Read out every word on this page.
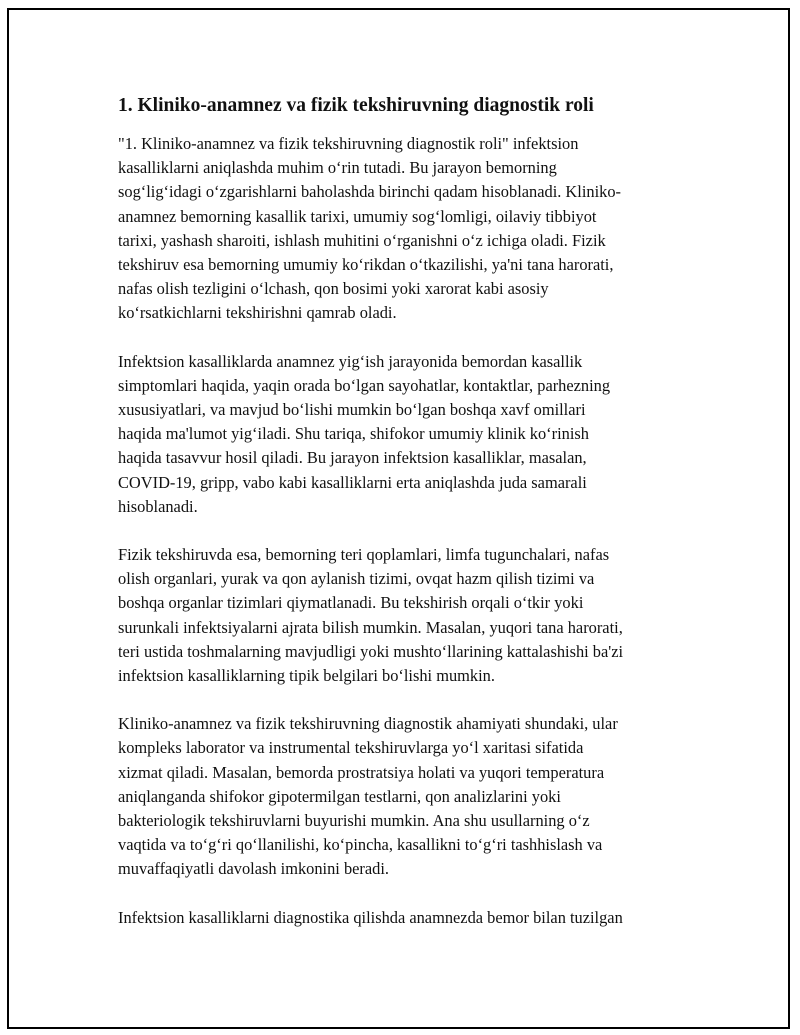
1. Kliniko-anamnez va fizik tekshiruvning diagnostik roli

"1. Kliniko-anamnez va fizik tekshiruvning diagnostik roli" infektsion
kasalliklarni aniqlashda muhim o‘rin tutadi. Bu jarayon bemorning
sog‘lig‘idagi o‘zgarishlarni baholashda birinchi qadam hisoblanadi. Kliniko-
anamnez bemorning kasallik tarixi, umumiy sog‘lomligi, oilaviy tibbiyot
tarixi, yashash sharoiti, ishlash muhitini o‘rganishni o‘z ichiga oladi. Fizik
tekshiruv esa bemorning umumiy ko‘rikdan o‘tkazilishi, ya'ni tana harorati,
nafas olish tezligini o‘lchash, qon bosimi yoki xarorat kabi asosiy
ko‘rsatkichlarni tekshirishni qamrab oladi.

Infektsion kasalliklarda anamnez yig‘ish jarayonida bemordan kasallik
simptomlari haqida, yaqin orada bo‘lgan sayohatlar, kontaktlar, parhezning
xususiyatlari, va mavjud bo‘lishi mumkin bo‘lgan boshqa xavf omillari
haqida ma'lumot yig‘iladi. Shu tariqa, shifokor umumiy klinik ko‘rinish
haqida tasavvur hosil qiladi. Bu jarayon infektsion kasalliklar, masalan,
COVID-19, gripp, vabo kabi kasalliklarni erta aniqlashda juda samarali
hisoblanadi.

Fizik tekshiruvda esa, bemorning teri qoplamlari, limfa tugunchalari, nafas
olish organlari, yurak va qon aylanish tizimi, ovqat hazm qilish tizimi va
boshqa organlar tizimlari qiymatlanadi. Bu tekshirish orqali o‘tkir yoki
surunkali infektsiyalarni ajrata bilish mumkin. Masalan, yuqori tana harorati,
teri ustida toshmalarning mavjudligi yoki mushto‘llarining kattalashishi ba'zi
infektsion kasalliklarning tipik belgilari bo‘lishi mumkin.

Kliniko-anamnez va fizik tekshiruvning diagnostik ahamiyati shundaki, ular
kompleks laborator va instrumental tekshiruvlarga yo‘l xaritasi sifatida
xizmat qiladi. Masalan, bemorda prostratsiya holati va yuqori temperatura
aniqlanganda shifokor gipotermilgan testlarni, qon analizlarini yoki
bakteriologik tekshiruvlarni buyurishi mumkin. Ana shu usullarning o‘z
vaqtida va to‘g‘ri qo‘llanilishi, ko‘pincha, kasallikni to‘g‘ri tashhislash va
muvaffaqiyatli davolash imkonini beradi.

Infektsion kasalliklarni diagnostika qilishda anamnezda bemor bilan tuzilgan
